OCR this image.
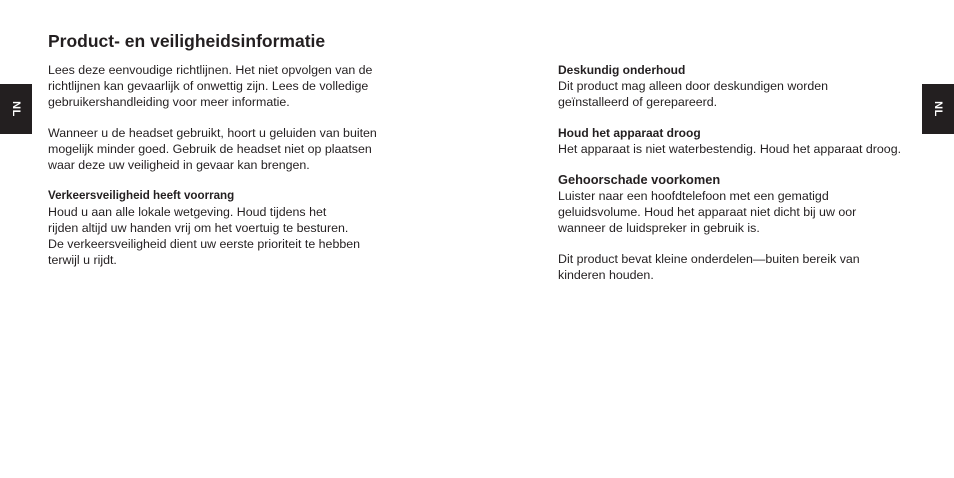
NL	NL
Product- en veiligheidsinformatie

Lees deze eenvoudige richtlijnen. Het niet opvolgen van de
richtlijnen kan gevaarlijk of onwettig zijn. Lees de volledige
gebruikershandleiding voor meer informatie.

Wanneer u de headset gebruikt, hoort u geluiden van buiten
mogelijk minder goed. Gebruik de headset niet op plaatsen
waar deze uw veiligheid in gevaar kan brengen.

Verkeersveiligheid heeft voorrang

Houd u aan alle lokale wetgeving. Houd tijdens het
rijden altijd uw handen vrij om het voertuig te besturen.
De verkeersveiligheid dient uw eerste prioriteit te hebben
terwijl u rijdt.

Deskundig onderhoud

Dit product mag alleen door deskundigen worden
geïnstalleerd of gerepareerd.

Houd het apparaat droog

Het apparaat is niet waterbestendig. Houd het apparaat droog.

Gehoorschade voorkomen

Luister naar een hoofdtelefoon met een gematigd
geluidsvolume. Houd het apparaat niet dicht bij uw oor
wanneer de luidspreker in gebruik is.

Dit product bevat kleine onderdelen—buiten bereik van
kinderen houden.
